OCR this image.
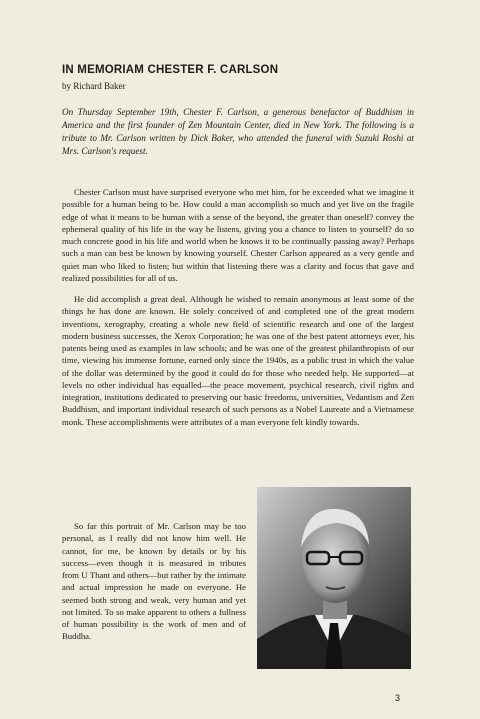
IN MEMORIAM CHESTER F. CARLSON

by Richard Baker

On Thursday September 19th, Chester F. Carlson, a generous benefactor of Buddhism in America and the first founder of Zen Mountain Center, died in New York. The following is a tribute to Mr. Carlson written by Dick Baker, who attended the funeral with Suzuki Roshi at Mrs. Carlson's request.

Chester Carlson must have surprised everyone who met him, for he exceeded what we imagine it possible for a human being to be. How could a man accomplish so much and yet live on the fragile edge of what it means to be human with a sense of the beyond, the greater than oneself? convey the ephemeral quality of his life in the way he listens, giving you a chance to listen to yourself? do so much concrete good in his life and world when he knows it to be continually passing away? Perhaps such a man can best be known by knowing yourself. Chester Carlson appeared as a very gentle and quiet man who liked to listen; but within that listening there was a clarity and focus that gave and realized possibilities for all of us.

He did accomplish a great deal. Although he wished to remain anonymous at least some of the things he has done are known. He solely conceived of and completed one of the great modern inventions, xerography, creating a whole new field of scientific research and one of the largest modern business successes, the Xerox Corporation; he was one of the best patent attorneys ever, his patents being used as examples in law schools; and he was one of the greatest philanthropists of our time, viewing his immense fortune, earned only since the 1940s, as a public trust in which the value of the dollar was determined by the good it could do for those who needed help. He supported—at levels no other individual has equalled—the peace movement, psychical research, civil rights and integration, institutions dedicated to preserving our basic freedoms, universities, Vedantism and Zen Buddhism, and important individual research of such persons as a Nobel Laureate and a Vietnamese monk. These accomplishments were attributes of a man everyone felt kindly towards.

So far this portrait of Mr. Carlson may be too personal, as I really did not know him well. He cannot, for me, be known by details or by his success—even though it is measured in tributes from U Thant and others—but rather by the intimate and actual impression he made on everyone. He seemed both strong and weak, very human and yet not limited. To so make apparent to others a fullness of human possibility is the work of men and of Buddha.

3
